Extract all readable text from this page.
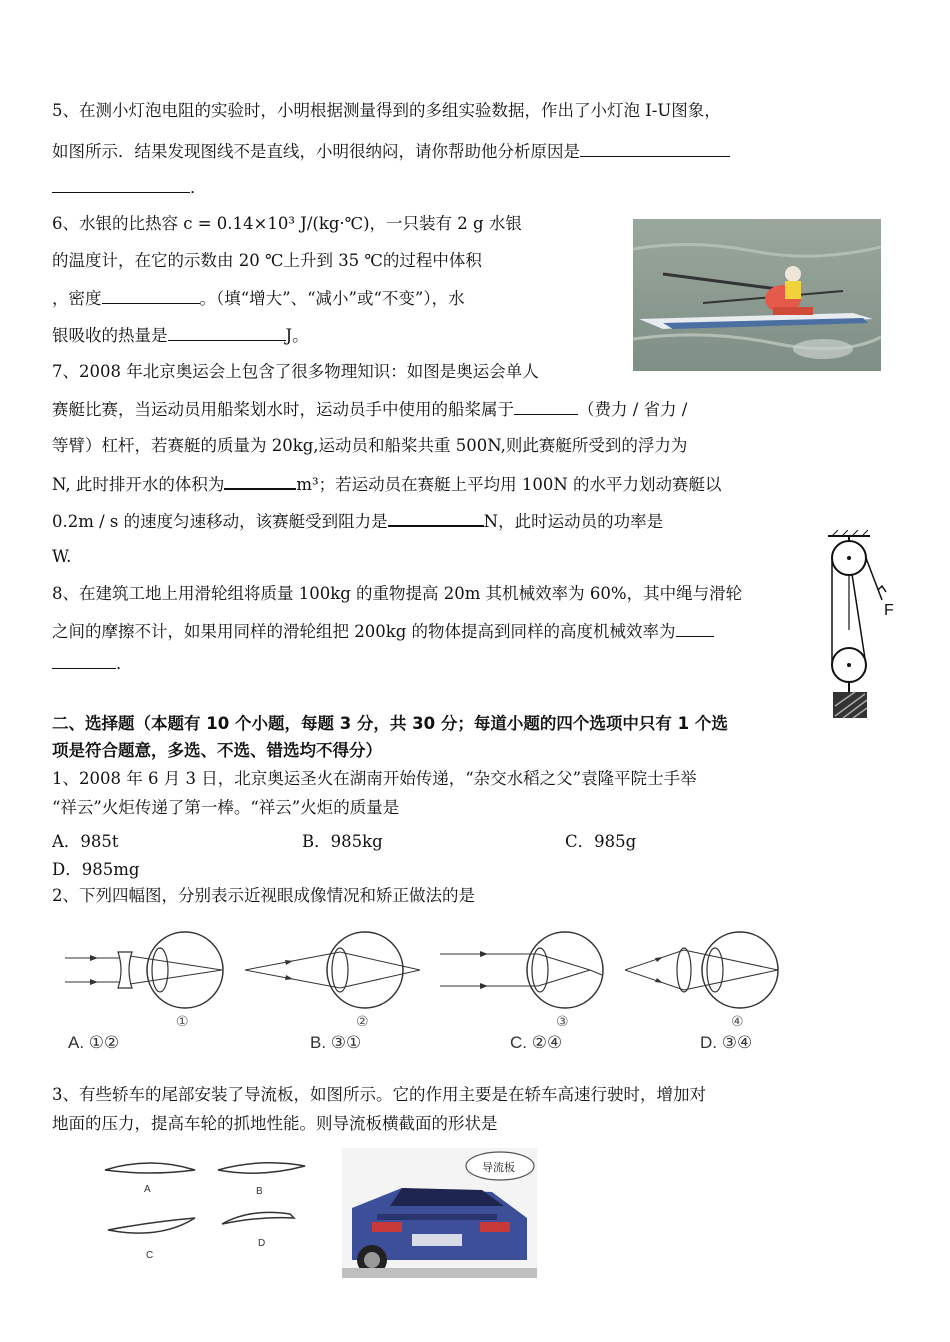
5、在测小灯泡电阻的实验时，小明根据测量得到的多组实验数据，作出了小灯泡 I-U图象，
如图所示．结果发现图线不是直线，小明很纳闷，请你帮助他分析原因是
．
6、水银的比热容 c = 0.14×10³ J/(kg·℃)，一只装有 2 g 水银
的温度计，在它的示数由 20 ℃上升到 35 ℃的过程中体积
，密度	。（填“增大”、“减小”或“不变”），水
银吸收的热量是	J。
7、2008 年北京奥运会上包含了很多物理知识：如图是奥运会单人
赛艇比赛，当运动员用船桨划水时，运动员手中使用的船桨属于	（费力 / 省力 /
等臂）杠杆，若赛艇的质量为 20kg,运动员和船桨共重 500N,则此赛艇所受到的浮力为
N, 此时排开水的体积为	m³；若运动员在赛艇上平均用 100N 的水平力划动赛艇以
0.2m / s 的速度匀速移动，该赛艇受到阻力是	N，此时运动员的功率是
W.
F
8、在建筑工地上用滑轮组将质量 100kg 的重物提高 20m 其机械效率为 60%，其中绳与滑轮
之间的摩擦不计，如果用同样的滑轮组把 200kg 的物体提高到同样的高度机械效率为
．
二、选择题（本题有 10 个小题，每题 3 分，共 30 分；每道小题的四个选项中只有 1 个选
项是符合题意，多选、不选、错选均不得分）
1、2008 年 6 月 3 日，北京奥运圣火在湖南开始传递，“杂交水稻之父”袁隆平院士手举
“祥云”火炬传递了第一棒。“祥云”火炬的质量是
A．985t	B．985kg	C．985g
D．985mg
2、下列四幅图，分别表示近视眼成像情况和矫正做法的是
①	②	③	④
A. ①②	B. ③①	C. ②④	D. ③④
3、有些轿车的尾部安装了导流板，如图所示。它的作用主要是在轿车高速行驶时，增加对
地面的压力，提高车轮的抓地性能。则导流板横截面的形状是
A	B
C
D
导流板
